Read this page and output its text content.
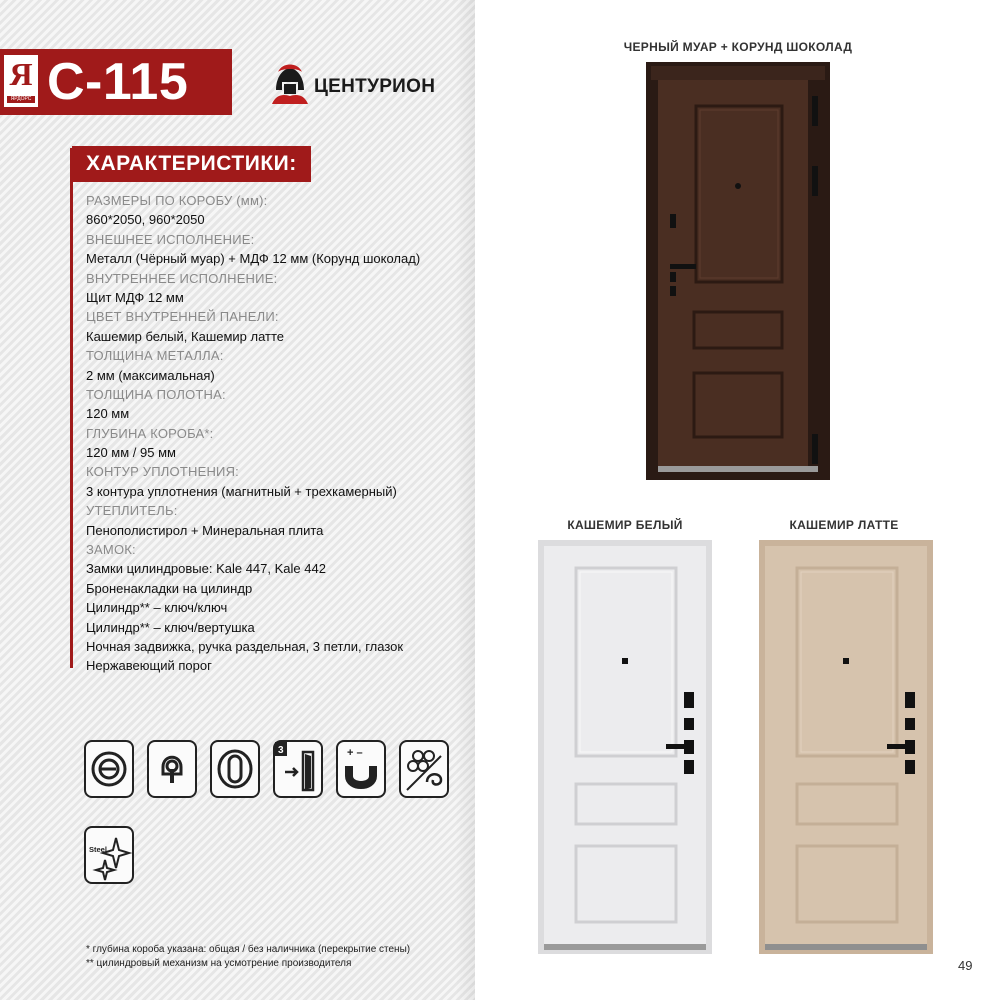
Я
ЯРДОРС С-115	ЦЕНТУРИОН
ХАРАКТЕРИСТИКИ:
РАЗМЕРЫ ПО КОРОБУ (мм):
860*2050, 960*2050
ВНЕШНЕЕ ИСПОЛНЕНИЕ:
Металл (Чёрный муар) + МДФ 12 мм (Корунд шоколад)
ВНУТРЕННЕЕ ИСПОЛНЕНИЕ:
Щит МДФ 12 мм
ЦВЕТ ВНУТРЕННЕЙ ПАНЕЛИ:
Кашемир белый, Кашемир латте
ТОЛЩИНА МЕТАЛЛА:
2 мм (максимальная)
ТОЛЩИНА ПОЛОТНА:
120 мм
ГЛУБИНА КОРОБА*:
120 мм / 95 мм
КОНТУР УПЛОТНЕНИЯ:
3 контура уплотнения (магнитный + трехкамерный)
УТЕПЛИТЕЛЬ:
Пенополистирол + Минеральная плита
ЗАМОК:
Замки цилиндровые: Kale 447, Kale 442
Броненакладки на цилиндр
Цилиндр** – ключ/ключ
Цилиндр** – ключ/вертушка
Ночная задвижка, ручка раздельная, 3 петли, глазок
Нержавеющий порог
3	+ –
Steel
* глубина короба указана: общая / без наличника (перекрытие стены)
** цилиндровый механизм на усмотрение производителя
ЧЕРНЫЙ МУАР + КОРУНД ШОКОЛАД
КАШЕМИР БЕЛЫЙ	КАШЕМИР ЛАТТЕ
49
